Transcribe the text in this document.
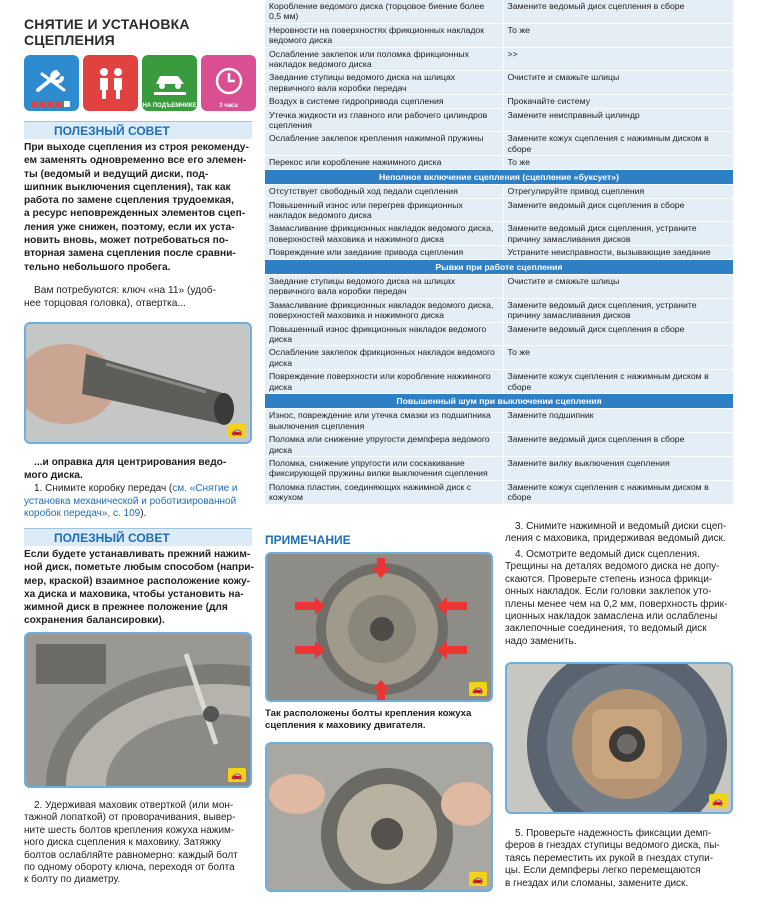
СНЯТИЕ И УСТАНОВКА
СЦЕПЛЕНИЯ
НА ПОДЪЕМНИКЕ	3 часа
ПОЛЕЗНЫЙ СОВЕТ
При выходе сцепления из строя рекоменду-
ем заменять одновременно все его элемен-
ты (ведомый и ведущий диски, под-
шипник выключения сцепления), так как
работа по замене сцепления трудоемкая,
а ресурс неповрежденных элементов сцеп-
ления уже снижен, поэтому, если их уста-
новить вновь, может потребоваться по-
вторная замена сцепления после сравни-
тельно небольшого пробега.
Вам потребуются: ключ «на 11» (удоб-
нее торцовая головка), отвертка...
🚗
...и оправка для центрирования ведо-
мого диска.
1. Снимите коробку передач (см. «Снятие и установка механической и роботизированной коробок передач», с. 109).
ПОЛЕЗНЫЙ СОВЕТ
Если будете устанавливать прежний нажим-
ной диск, пометьте любым способом (напри-
мер, краской) взаимное расположение кожу-
ха диска и маховика, чтобы установить на-
жимной диск в прежнее положение (для
сохранения балансировки).
🚗
2. Удерживая маховик отверткой (или мон-
тажной лопаткой) от проворачивания, вывер-
ните шесть болтов крепления кожуха нажим-
ного диска сцепления к маховику. Затяжку
болтов ослабляйте равномерно: каждый болт
по одному обороту ключа, переходя от болта
к болту по диаметру.
Коробление ведомого диска (торцовое биение более 0,5 мм)	Замените ведомый диск сцепления в сборе
Неровности на поверхностях фрикционных накладок ведомого диска	То же
Ослабление заклепок или поломка фрикционных накладок ведомого диска	>>
Заедание ступицы ведомого диска на шлицах первичного вала коробки передач	Очистите и смажьте шлицы
Воздух в системе гидропривода сцепления	Прокачайте систему
Утечка жидкости из главного или рабочего цилиндров сцепления	Замените неисправный цилиндр
Ослабление заклепок крепления нажимной пружины	Замените кожух сцепления с нажимным диском в сборе
Перекос или коробление нажимного диска	То же
Неполное включение сцепления (сцепление «буксует»)	
Отсутствует свободный ход педали сцепления	Отрегулируйте привод сцепления
Повышенный износ или перегрев фрикционных накладок ведомого диска	Замените ведомый диск сцепления в сборе
Замасливание фрикционных накладок ведомого диска, поверхностей маховика и нажимного диска	Замените ведомый диск сцепления, устраните причину замасливания дисков
Повреждение или заедание привода сцепления	Устраните неисправности, вызывающие заедание
Рывки при работе сцепления	
Заедание ступицы ведомого диска на шлицах первичного вала коробки передач	Очистите и смажьте шлицы
Замасливание фрикционных накладок ведомого диска, поверхностей маховика и нажимного диска	Замените ведомый диск сцепления, устраните причину замасливания дисков
Повышенный износ фрикционных накладок ведомого диска	Замените ведомый диск сцепления в сборе
Ослабление заклепок фрикционных накладок ведомого диска	То же
Повреждение поверхности или коробление нажимного диска	Замените кожух сцепления с нажимным диском в сборе
Повышенный шум при выключении сцепления	
Износ, повреждение или утечка смазки из подшипника выключения сцепления	Замените подшипник
Поломка или снижение упругости демпфера ведомого диска	Замените ведомый диск сцепления в сборе
Поломка, снижение упругости или соскакивание фиксирующей пружины вилки выключения сцепления	Замените вилку выключения сцепления
Поломка пластин, соединяющих нажимной диск с кожухом	Замените кожух сцепления с нажимным диском в сборе
ПРИМЕЧАНИЕ
🚗
Так расположены болты крепления кожуха
сцепления к маховику двигателя.
🚗
3. Снимите нажимной и ведомый диски сцеп-
ления с маховика, придерживая ведомый диск.
4. Осмотрите ведомый диск сцепления.
Трещины на деталях ведомого диска не допу-
скаются. Проверьте степень износа фрикци-
онных накладок. Если головки заклепок уто-
плены менее чем на 0,2 мм, поверхность фрик-
ционных накладок замаслена или ослаблены
заклепочные соединения, то ведомый диск
надо заменить.
🚗
5. Проверьте надежность фиксации демп-
феров в гнездах ступицы ведомого диска, пы-
таясь переместить их рукой в гнездах ступи-
цы. Если демпферы легко перемещаются
в гнездах или сломаны, замените диск.
